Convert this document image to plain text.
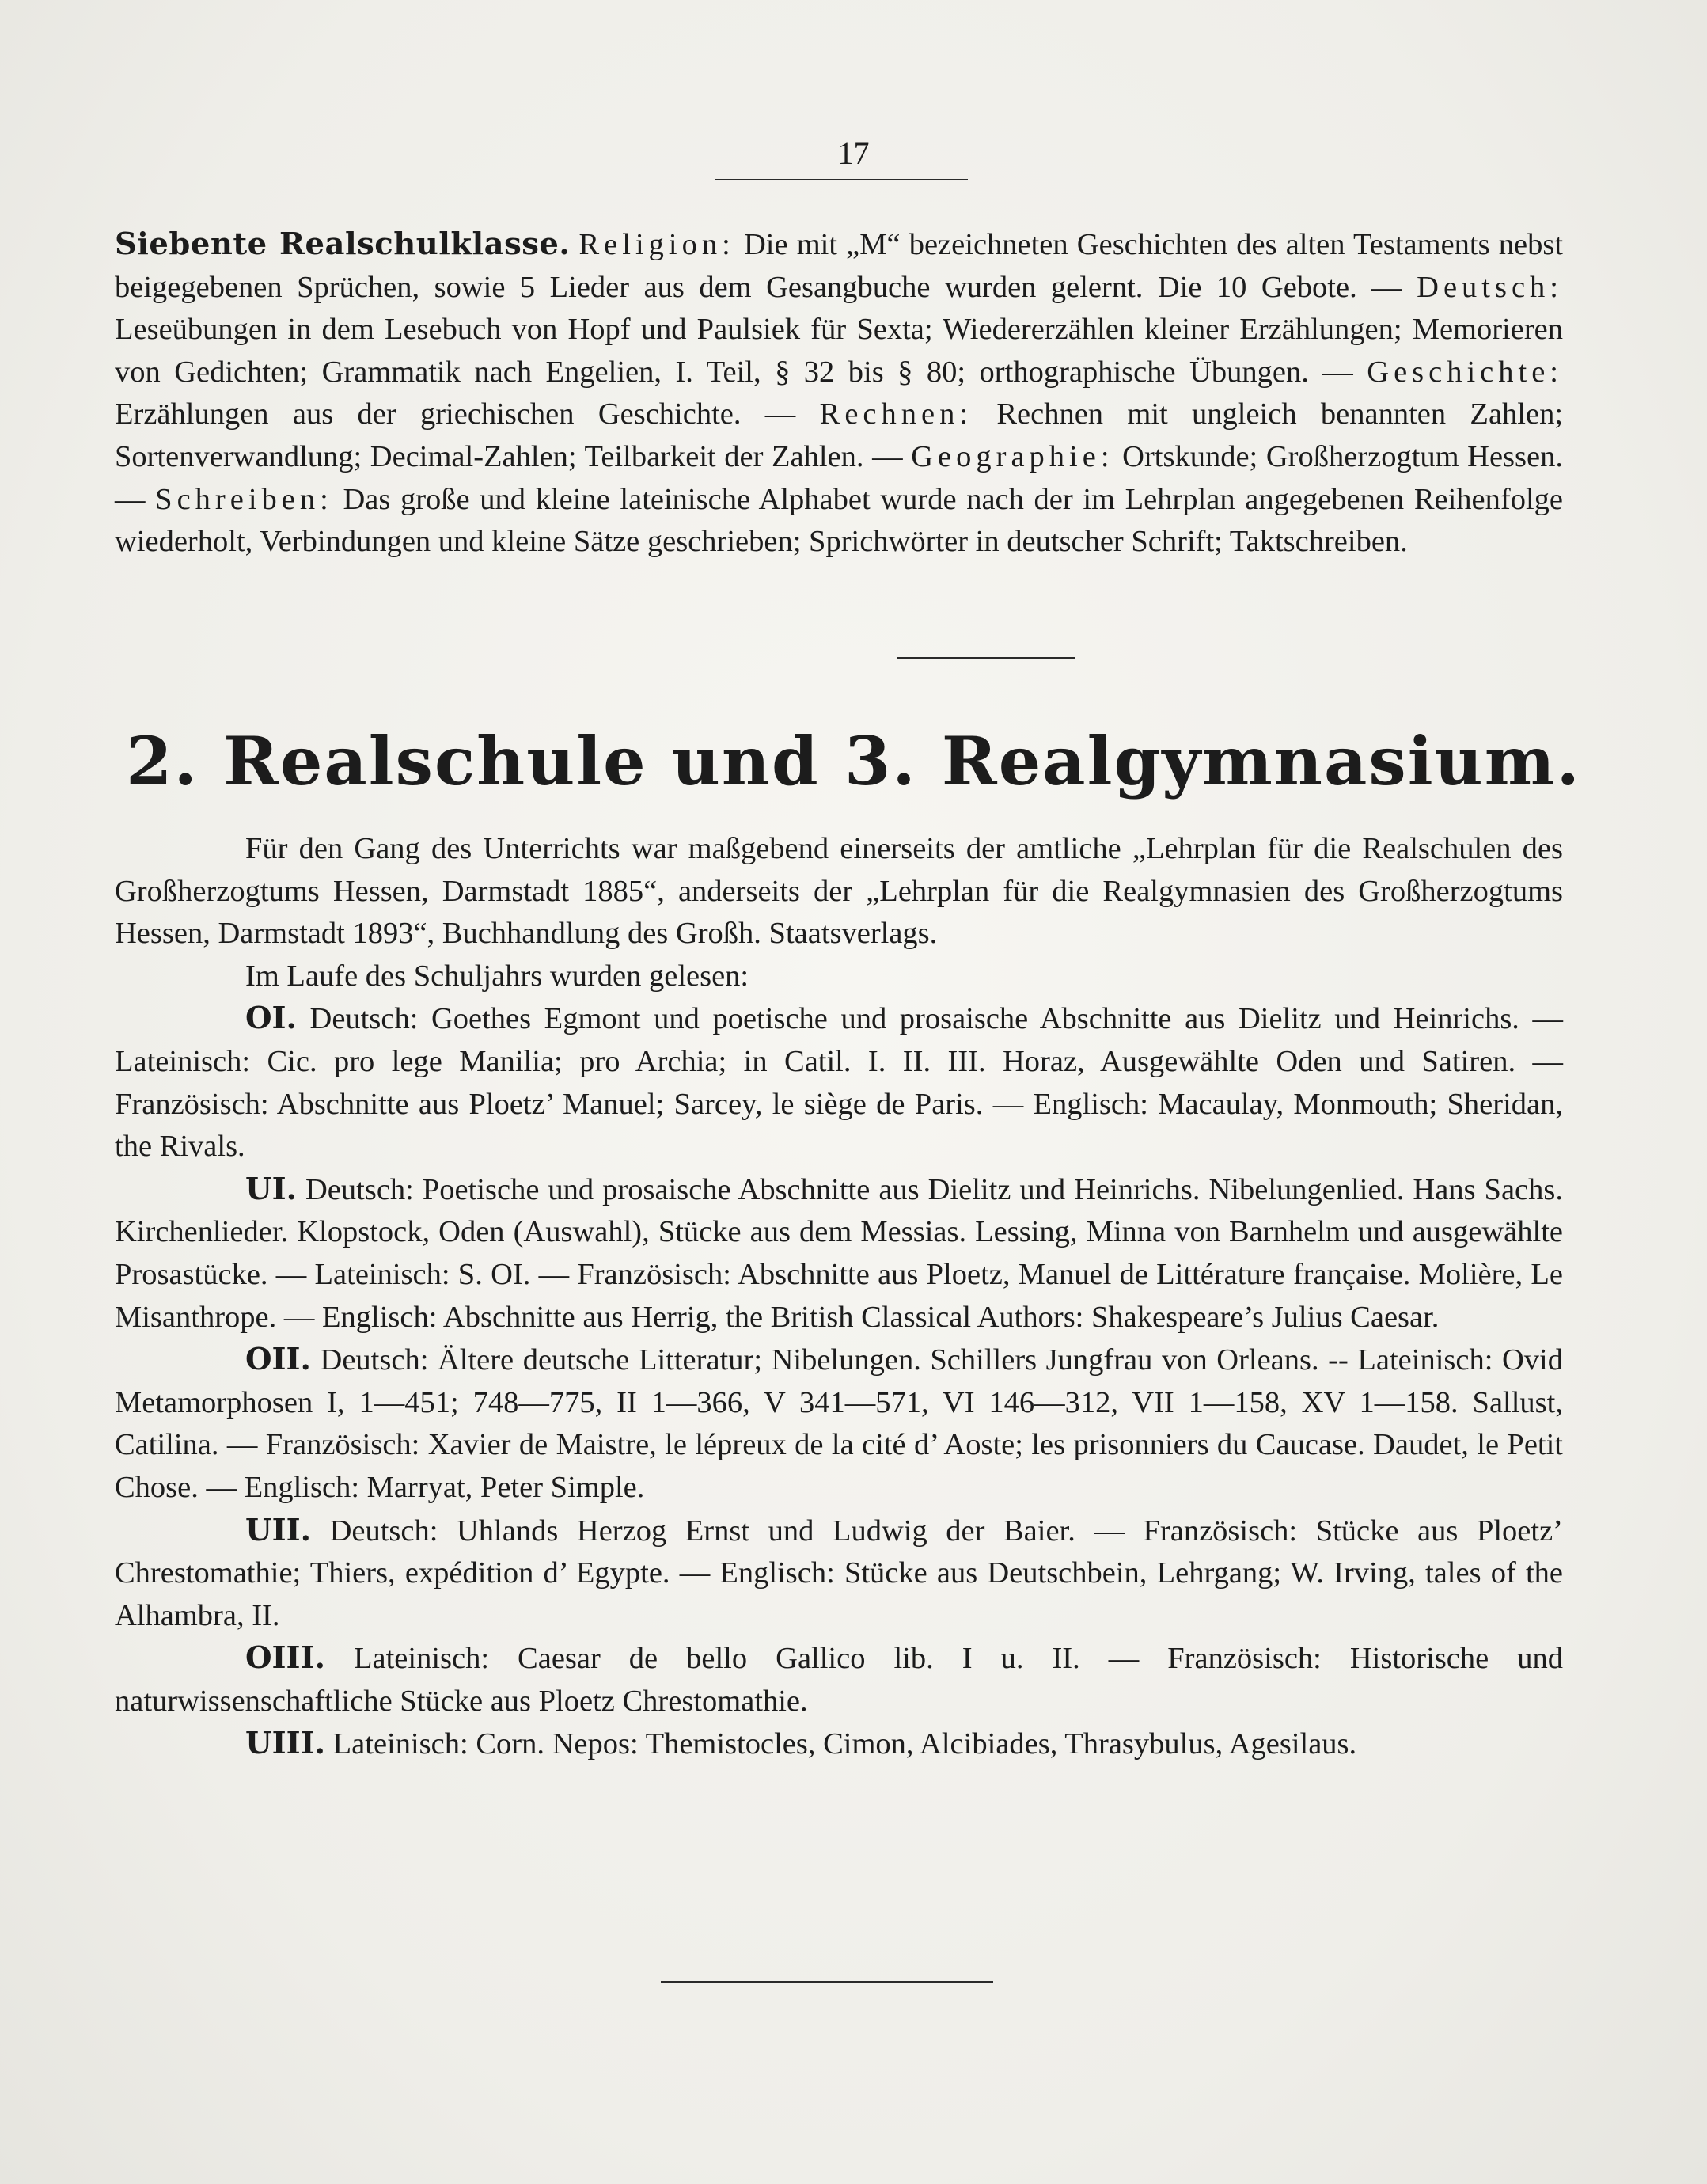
17

Siebente Realschulklasse. Religion: Die mit „M“ bezeichneten Geschichten des alten Testaments nebst beigegebenen Sprüchen, sowie 5 Lieder aus dem Gesangbuche wurden gelernt. Die 10 Gebote. — Deutsch: Leseübungen in dem Lesebuch von Hopf und Paulsiek für Sexta; Wiedererzählen kleiner Erzählungen; Memorieren von Gedichten; Grammatik nach Engelien, I. Teil, § 32 bis § 80; orthographische Übungen. — Geschichte: Erzählungen aus der griechischen Geschichte. — Rechnen: Rechnen mit ungleich benannten Zahlen; Sortenverwandlung; Decimal-Zahlen; Teilbarkeit der Zahlen. — Geographie: Ortskunde; Großherzogtum Hessen. — Schreiben: Das große und kleine lateinische Alphabet wurde nach der im Lehrplan angegebenen Reihenfolge wiederholt, Verbindungen und kleine Sätze geschrieben; Sprichwörter in deutscher Schrift; Taktschreiben.

2. Realschule und 3. Realgymnasium.

Für den Gang des Unterrichts war maßgebend einerseits der amtliche „Lehrplan für die Realschulen des Großherzogtums Hessen, Darmstadt 1885“, anderseits der „Lehrplan für die Realgymnasien des Großherzogtums Hessen, Darmstadt 1893“, Buchhandlung des Großh. Staatsverlags.

Im Laufe des Schuljahrs wurden gelesen:

OI. Deutsch: Goethes Egmont und poetische und prosaische Abschnitte aus Dielitz und Heinrichs. — Lateinisch: Cic. pro lege Manilia; pro Archia; in Catil. I. II. III. Horaz, Ausgewählte Oden und Satiren. — Französisch: Abschnitte aus Ploetz’ Manuel; Sarcey, le siège de Paris. — Englisch: Macaulay, Monmouth; Sheridan, the Rivals.

UI. Deutsch: Poetische und prosaische Abschnitte aus Dielitz und Heinrichs. Nibelungenlied. Hans Sachs. Kirchenlieder. Klopstock, Oden (Auswahl), Stücke aus dem Messias. Lessing, Minna von Barnhelm und ausgewählte Prosastücke. — Lateinisch: S. OI. — Französisch: Abschnitte aus Ploetz, Manuel de Littérature française. Molière, Le Misanthrope. — Englisch: Abschnitte aus Herrig, the British Classical Authors: Shakespeare’s Julius Caesar.

OII. Deutsch: Ältere deutsche Litteratur; Nibelungen. Schillers Jungfrau von Orleans. -- Lateinisch: Ovid Metamorphosen I, 1—451; 748—775, II 1—366, V 341—571, VI 146—312, VII 1—158, XV 1—158. Sallust, Catilina. — Französisch: Xavier de Maistre, le lépreux de la cité d’ Aoste; les prisonniers du Caucase. Daudet, le Petit Chose. — Englisch: Marryat, Peter Simple.

UII. Deutsch: Uhlands Herzog Ernst und Ludwig der Baier. — Französisch: Stücke aus Ploetz’ Chrestomathie; Thiers, expédition d’ Egypte. — Englisch: Stücke aus Deutschbein, Lehrgang; W. Irving, tales of the Alhambra, II.

OIII. Lateinisch: Caesar de bello Gallico lib. I u. II. — Französisch: Historische und naturwissenschaftliche Stücke aus Ploetz Chrestomathie.

UIII. Lateinisch: Corn. Nepos: Themistocles, Cimon, Alcibiades, Thrasybulus, Agesilaus.
